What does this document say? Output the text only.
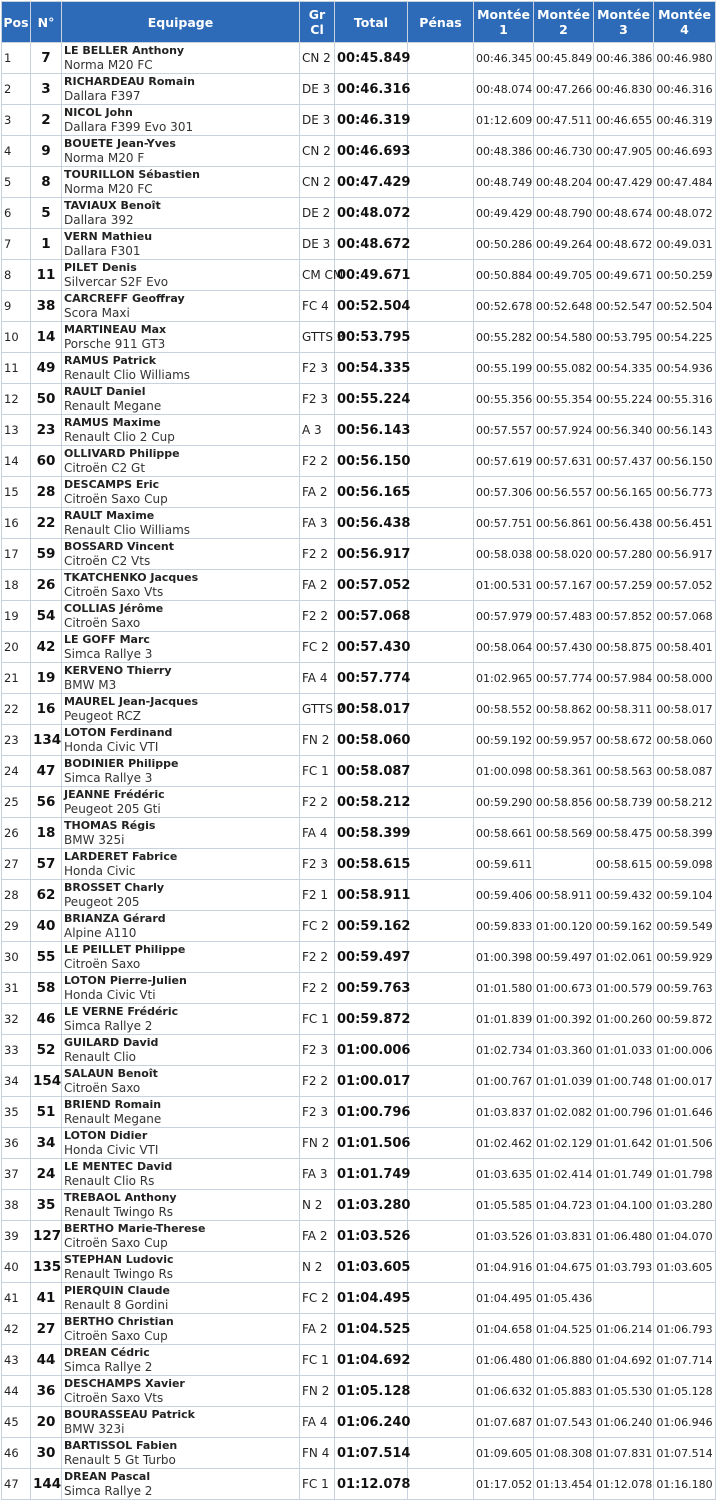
Pos	N°	Equipage	Gr Cl	Total	Pénas	Montée 1	Montée 2	Montée 3	Montée 4
1	7	LE BELLER Anthony
Norma M20 FC	CN 2	00:45.849		00:46.345	00:45.849	00:46.386	00:46.980
2	3	RICHARDEAU Romain
Dallara F397	DE 3	00:46.316		00:48.074	00:47.266	00:46.830	00:46.316
3	2	NICOL John
Dallara F399 Evo 301	DE 3	00:46.319		01:12.609	00:47.511	00:46.655	00:46.319
4	9	BOUETE Jean-Yves
Norma M20 F	CN 2	00:46.693		00:48.386	00:46.730	00:47.905	00:46.693
5	8	TOURILLON Sébastien
Norma M20 FC	CN 2	00:47.429		00:48.749	00:48.204	00:47.429	00:47.484
6	5	TAVIAUX Benoît
Dallara 392	DE 2	00:48.072		00:49.429	00:48.790	00:48.674	00:48.072
7	1	VERN Mathieu
Dallara F301	DE 3	00:48.672		00:50.286	00:49.264	00:48.672	00:49.031
8	11	PILET Denis
Silvercar S2F Evo	CM CM	00:49.671		00:50.884	00:49.705	00:49.671	00:50.259
9	38	CARCREFF Geoffray
Scora Maxi	FC 4	00:52.504		00:52.678	00:52.648	00:52.547	00:52.504
10	14	MARTINEAU Max
Porsche 911 GT3	GTTS 3	00:53.795		00:55.282	00:54.580	00:53.795	00:54.225
11	49	RAMUS Patrick
Renault Clio Williams	F2 3	00:54.335		00:55.199	00:55.082	00:54.335	00:54.936
12	50	RAULT Daniel
Renault Megane	F2 3	00:55.224		00:55.356	00:55.354	00:55.224	00:55.316
13	23	RAMUS Maxime
Renault Clio 2 Cup	A 3	00:56.143		00:57.557	00:57.924	00:56.340	00:56.143
14	60	OLLIVARD Philippe
Citroën C2 Gt	F2 2	00:56.150		00:57.619	00:57.631	00:57.437	00:56.150
15	28	DESCAMPS Eric
Citroën Saxo Cup	FA 2	00:56.165		00:57.306	00:56.557	00:56.165	00:56.773
16	22	RAULT Maxime
Renault Clio Williams	FA 3	00:56.438		00:57.751	00:56.861	00:56.438	00:56.451
17	59	BOSSARD Vincent
Citroën C2 Vts	F2 2	00:56.917		00:58.038	00:58.020	00:57.280	00:56.917
18	26	TKATCHENKO Jacques
Citroën Saxo Vts	FA 2	00:57.052		01:00.531	00:57.167	00:57.259	00:57.052
19	54	COLLIAS Jérôme
Citroën Saxo	F2 2	00:57.068		00:57.979	00:57.483	00:57.852	00:57.068
20	42	LE GOFF Marc
Simca Rallye 3	FC 2	00:57.430		00:58.064	00:57.430	00:58.875	00:58.401
21	19	KERVENO Thierry
BMW M3	FA 4	00:57.774		01:02.965	00:57.774	00:57.984	00:58.000
22	16	MAUREL Jean-Jacques
Peugeot RCZ	GTTS 2	00:58.017		00:58.552	00:58.862	00:58.311	00:58.017
23	134	LOTON Ferdinand
Honda Civic VTI	FN 2	00:58.060		00:59.192	00:59.957	00:58.672	00:58.060
24	47	BODINIER Philippe
Simca Rallye 3	FC 1	00:58.087		01:00.098	00:58.361	00:58.563	00:58.087
25	56	JEANNE Frédéric
Peugeot 205 Gti	F2 2	00:58.212		00:59.290	00:58.856	00:58.739	00:58.212
26	18	THOMAS Régis
BMW 325i	FA 4	00:58.399		00:58.661	00:58.569	00:58.475	00:58.399
27	57	LARDERET Fabrice
Honda Civic	F2 3	00:58.615		00:59.611		00:58.615	00:59.098
28	62	BROSSET Charly
Peugeot 205	F2 1	00:58.911		00:59.406	00:58.911	00:59.432	00:59.104
29	40	BRIANZA Gérard
Alpine A110	FC 2	00:59.162		00:59.833	01:00.120	00:59.162	00:59.549
30	55	LE PEILLET Philippe
Citroën Saxo	F2 2	00:59.497		01:00.398	00:59.497	01:02.061	00:59.929
31	58	LOTON Pierre-Julien
Honda Civic Vti	F2 2	00:59.763		01:01.580	01:00.673	01:00.579	00:59.763
32	46	LE VERNE Frédéric
Simca Rallye 2	FC 1	00:59.872		01:01.839	01:00.392	01:00.260	00:59.872
33	52	GUILARD David
Renault Clio	F2 3	01:00.006		01:02.734	01:03.360	01:01.033	01:00.006
34	154	SALAUN Benoît
Citroën Saxo	F2 2	01:00.017		01:00.767	01:01.039	01:00.748	01:00.017
35	51	BRIEND Romain
Renault Megane	F2 3	01:00.796		01:03.837	01:02.082	01:00.796	01:01.646
36	34	LOTON Didier
Honda Civic VTI	FN 2	01:01.506		01:02.462	01:02.129	01:01.642	01:01.506
37	24	LE MENTEC David
Renault Clio Rs	FA 3	01:01.749		01:03.635	01:02.414	01:01.749	01:01.798
38	35	TREBAOL Anthony
Renault Twingo Rs	N 2	01:03.280		01:05.585	01:04.723	01:04.100	01:03.280
39	127	BERTHO Marie-Therese
Citroën Saxo Cup	FA 2	01:03.526		01:03.526	01:03.831	01:06.480	01:04.070
40	135	STEPHAN Ludovic
Renault Twingo Rs	N 2	01:03.605		01:04.916	01:04.675	01:03.793	01:03.605
41	41	PIERQUIN Claude
Renault 8 Gordini	FC 2	01:04.495		01:04.495	01:05.436		
42	27	BERTHO Christian
Citroën Saxo Cup	FA 2	01:04.525		01:04.658	01:04.525	01:06.214	01:06.793
43	44	DREAN Cédric
Simca Rallye 2	FC 1	01:04.692		01:06.480	01:06.880	01:04.692	01:07.714
44	36	DESCHAMPS Xavier
Citroën Saxo Vts	FN 2	01:05.128		01:06.632	01:05.883	01:05.530	01:05.128
45	20	BOURASSEAU Patrick
BMW 323i	FA 4	01:06.240		01:07.687	01:07.543	01:06.240	01:06.946
46	30	BARTISSOL Fabien
Renault 5 Gt Turbo	FN 4	01:07.514		01:09.605	01:08.308	01:07.831	01:07.514
47	144	DREAN Pascal
Simca Rallye 2	FC 1	01:12.078		01:17.052	01:13.454	01:12.078	01:16.180
